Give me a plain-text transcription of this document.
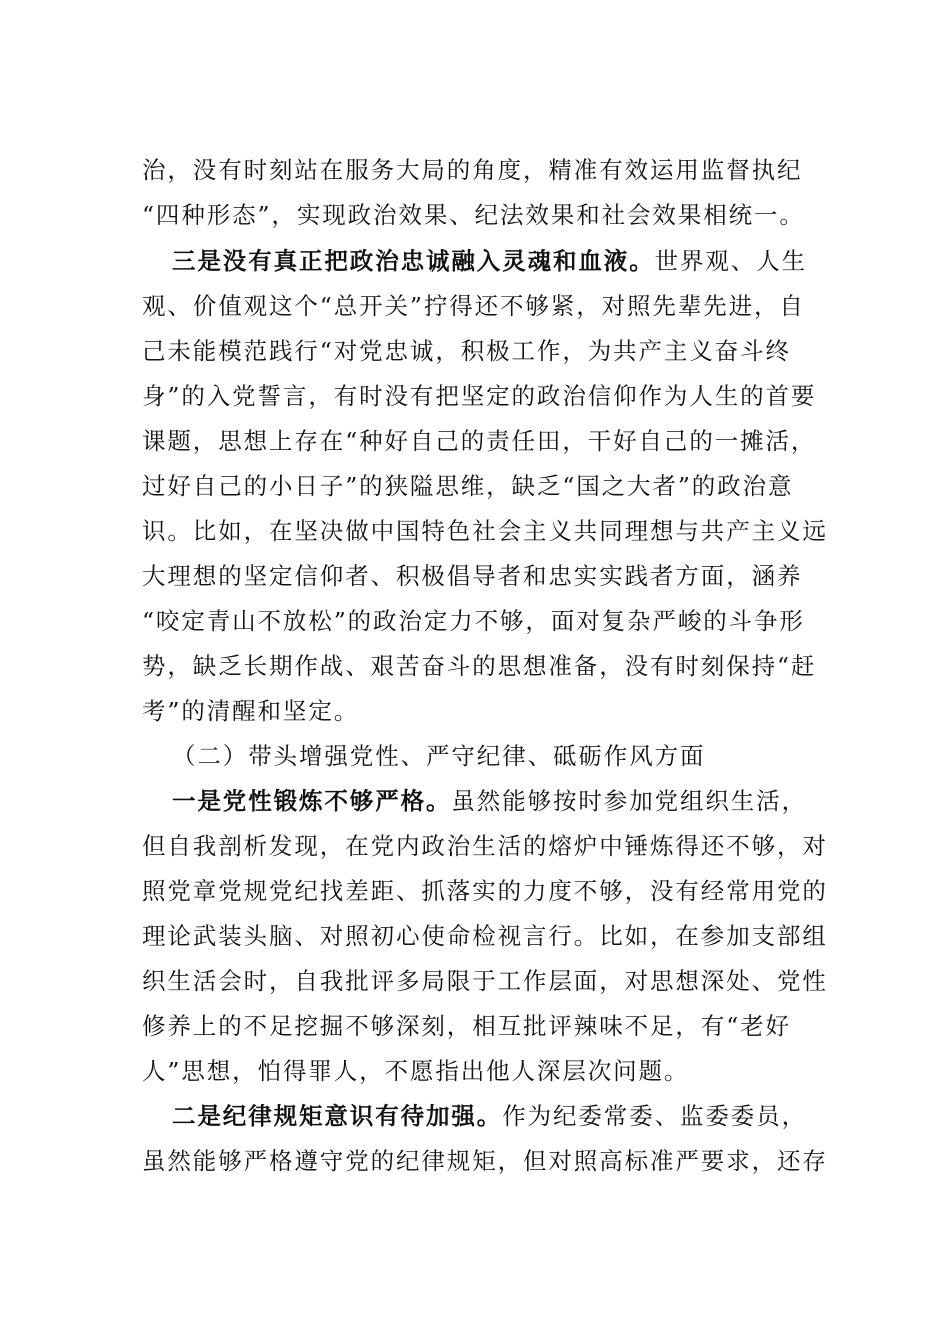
治，没有时刻站在服务大局的角度，精准有效运用监督执纪
“四种形态”，实现政治效果、纪法效果和社会效果相统一。
三是没有真正把政治忠诚融入灵魂和血液。世界观、人生
观、价值观这个“总开关”拧得还不够紧，对照先辈先进，自
己未能模范践行“对党忠诚，积极工作，为共产主义奋斗终
身”的入党誓言，有时没有把坚定的政治信仰作为人生的首要
课题，思想上存在“种好自己的责任田，干好自己的一摊活，
过好自己的小日子”的狭隘思维，缺乏“国之大者”的政治意
识。比如，在坚决做中国特色社会主义共同理想与共产主义远
大理想的坚定信仰者、积极倡导者和忠实实践者方面，涵养
“咬定青山不放松”的政治定力不够，面对复杂严峻的斗争形
势，缺乏长期作战、艰苦奋斗的思想准备，没有时刻保持“赶
考”的清醒和坚定。
（二）带头增强党性、严守纪律、砥砺作风方面
一是党性锻炼不够严格。虽然能够按时参加党组织生活，
但自我剖析发现，在党内政治生活的熔炉中锤炼得还不够，对
照党章党规党纪找差距、抓落实的力度不够，没有经常用党的
理论武装头脑、对照初心使命检视言行。比如，在参加支部组
织生活会时，自我批评多局限于工作层面，对思想深处、党性
修养上的不足挖掘不够深刻，相互批评辣味不足，有“老好
人”思想，怕得罪人，不愿指出他人深层次问题。
二是纪律规矩意识有待加强。作为纪委常委、监委委员，
虽然能够严格遵守党的纪律规矩，但对照高标准严要求，还存
